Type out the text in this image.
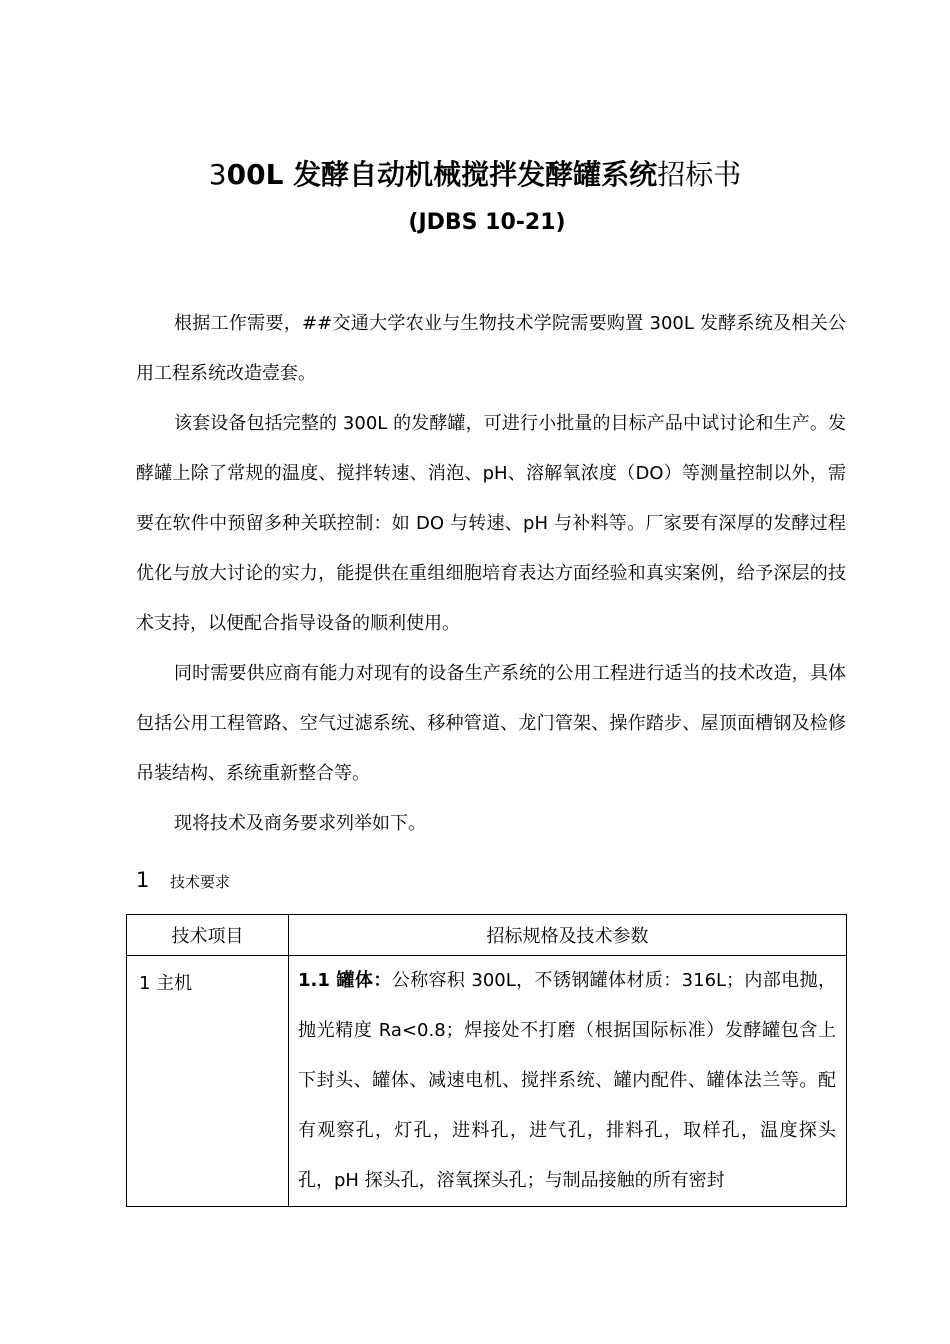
300L 发酵自动机械搅拌发酵罐系统招标书
(JDBS 10-21)

根据工作需要，##交通大学农业与生物技术学院需要购置 300L 发酵系统及相关公用工程系统改造壹套。

该套设备包括完整的 300L 的发酵罐，可进行小批量的目标产品中试讨论和生产。发酵罐上除了常规的温度、搅拌转速、消泡、pH、溶解氧浓度（DO）等测量控制以外，需要在软件中预留多种关联控制：如 DO 与转速、pH 与补料等。厂家要有深厚的发酵过程优化与放大讨论的实力，能提供在重组细胞培育表达方面经验和真实案例，给予深层的技术支持，以便配合指导设备的顺利使用。

同时需要供应商有能力对现有的设备生产系统的公用工程进行适当的技术改造，具体包括公用工程管路、空气过滤系统、移种管道、龙门管架、操作踏步、屋顶面槽钢及检修吊装结构、系统重新整合等。

现将技术及商务要求列举如下。

1 技术要求
技术项目	招标规格及技术参数
1 主机	1.1 罐体：公称容积 300L，不锈钢罐体材质：316L；内部电抛，抛光精度 Ra<0.8；焊接处不打磨（根据国际标准）发酵罐包含上下封头、罐体、减速电机、搅拌系统、罐内配件、罐体法兰等。配有观察孔，灯孔，进料孔，进气孔，排料孔，取样孔，温度探头孔，pH 探头孔，溶氧探头孔；与制品接触的所有密封
